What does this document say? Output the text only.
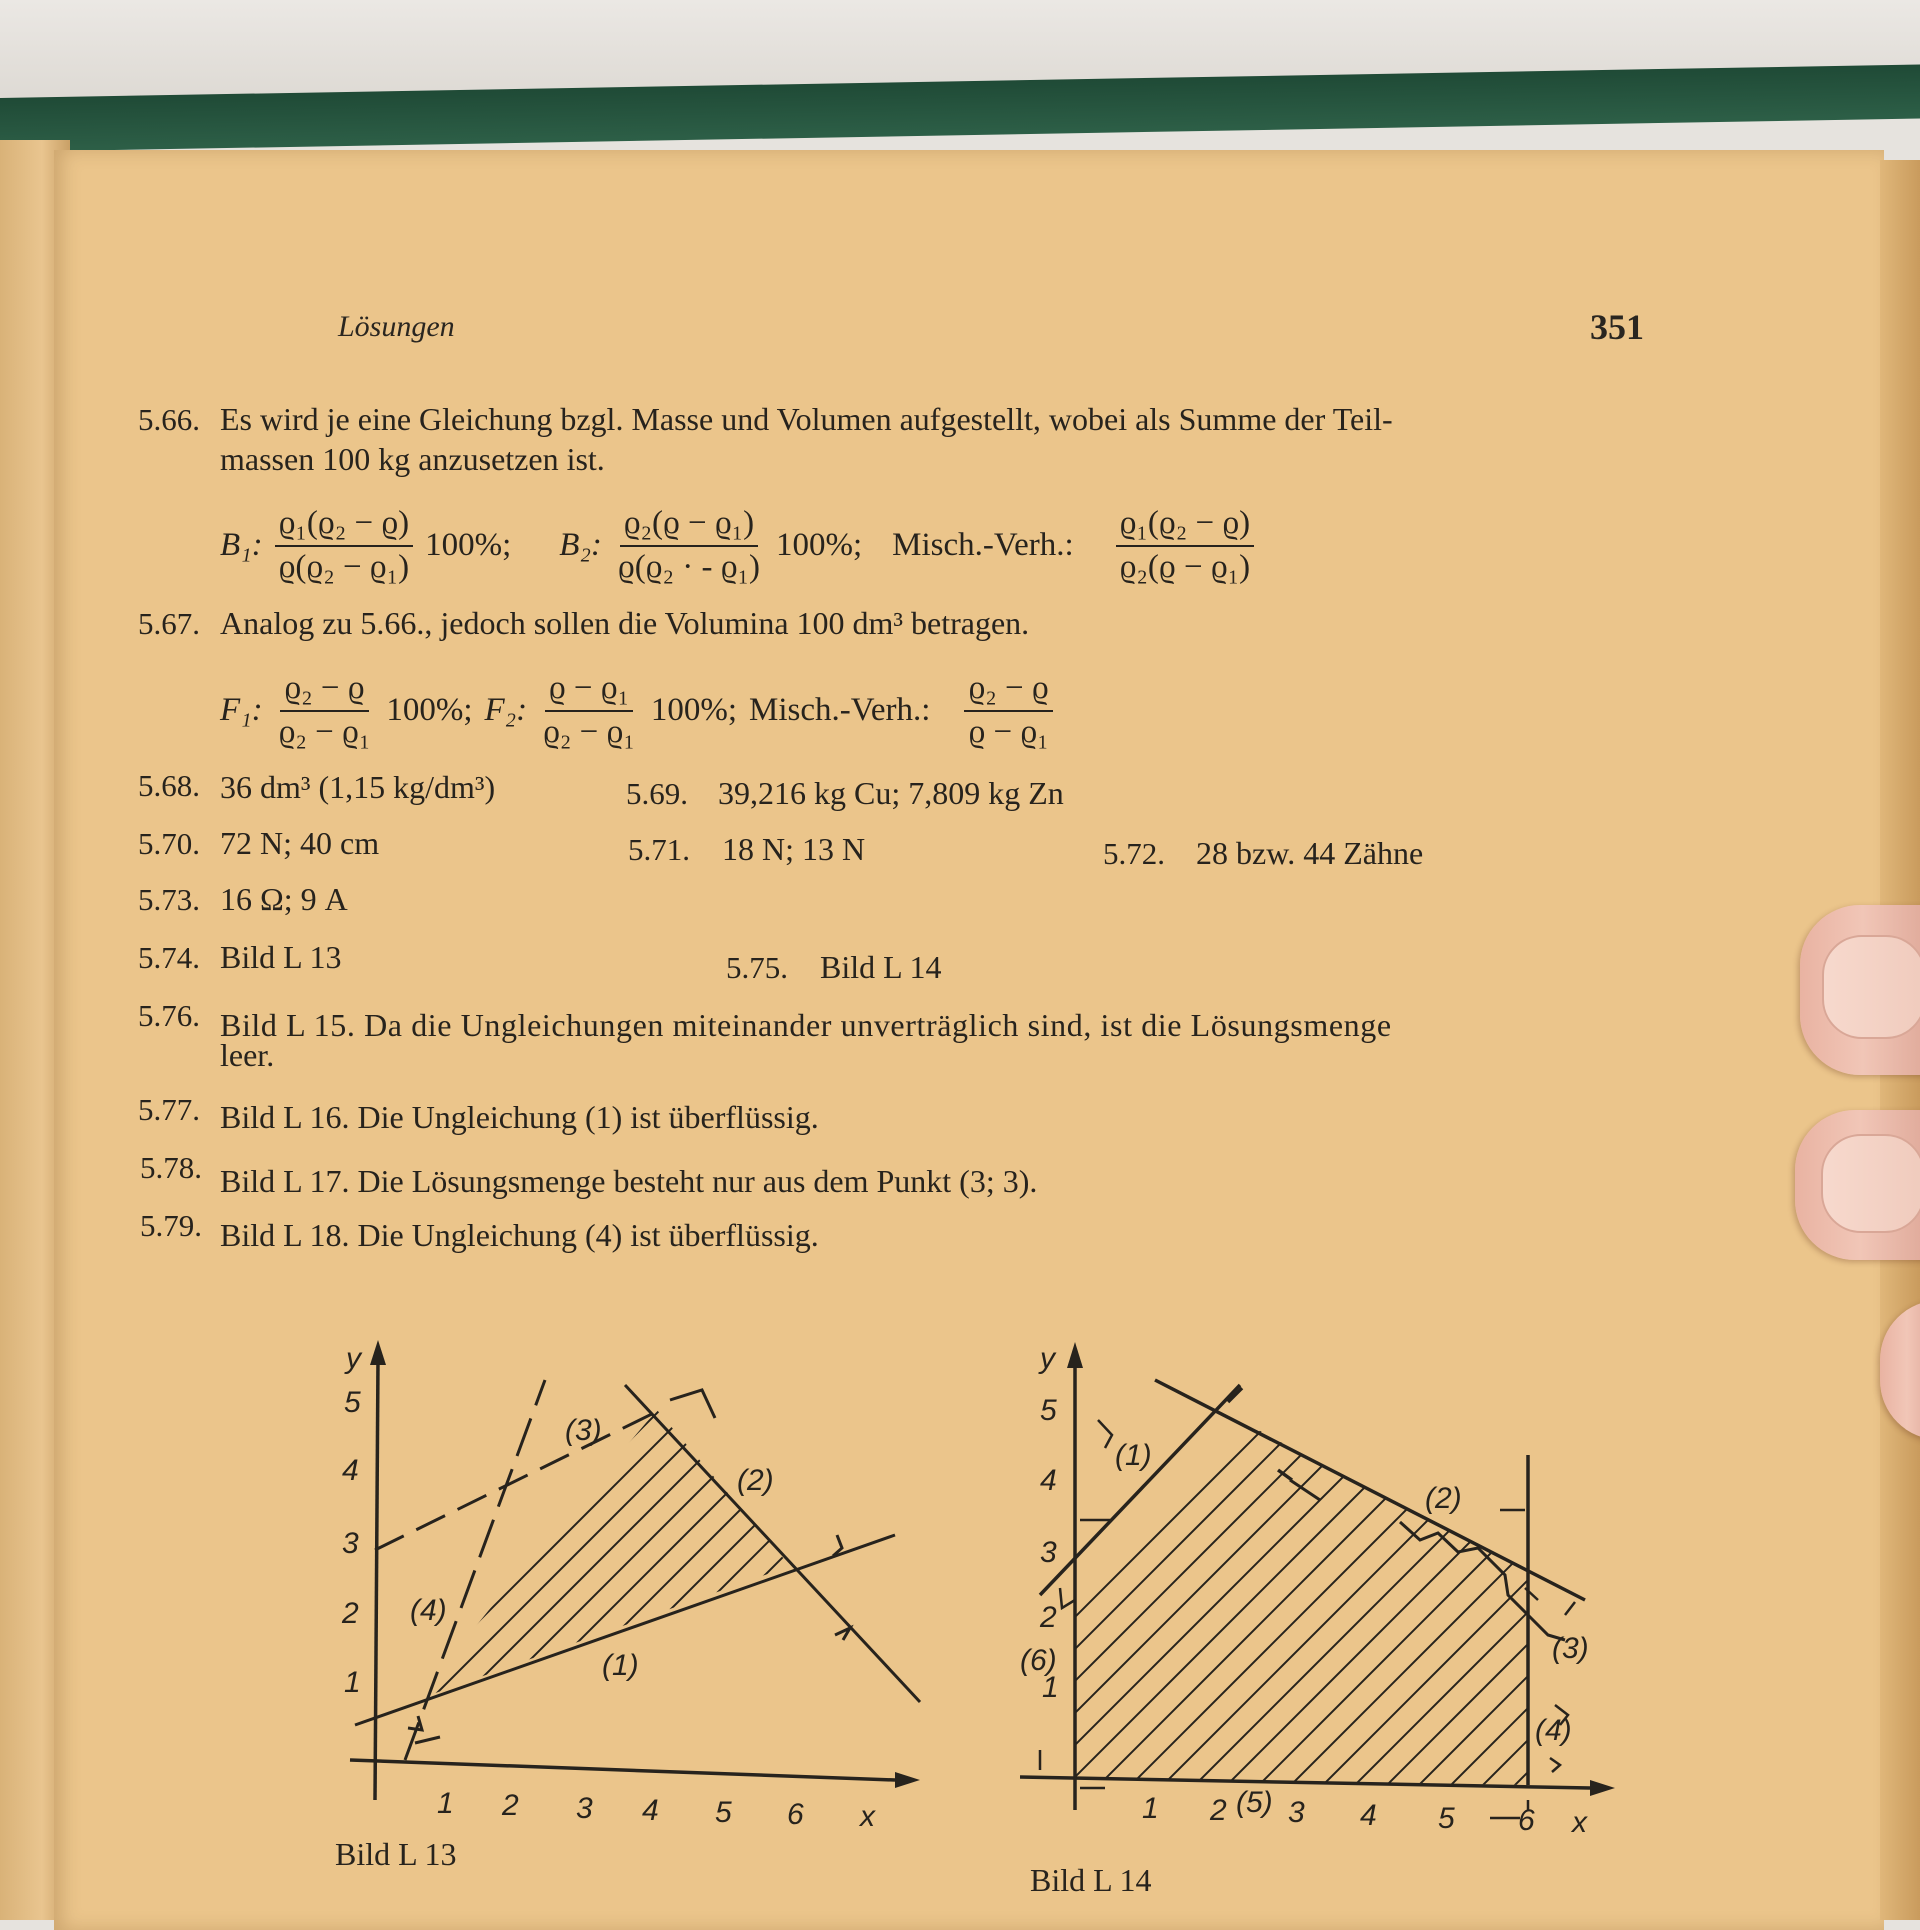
Lösungen	351
5.66. Es wird je eine Gleichung bzgl. Masse und Volumen aufgestellt, wobei als Summe der Teil-
massen 100 kg anzusetzen ist.
B₁: $\frac{\text{ϱ₁(ϱ₂ − ϱ)}}{\text{ϱ(ϱ₂ − ϱ₁)}} 100\%$; B₂: $\frac{\text{ϱ₂(ϱ − ϱ₁)}}{\text{ϱ(ϱ₂ · - ϱ₁)}} 100\%$; Misch.-Verh.: $\frac{\text{ϱ₁(ϱ₂ − ϱ)}}{\text{ϱ₂(ϱ − ϱ₁)}}$
5.67. Analog zu 5.66., jedoch sollen die Volumina 100 dm³ betragen.
F₁: $\frac{\text{ϱ₂ − ϱ}}{\text{ϱ₂ − ϱ₁}} 100\%$; F₂: $\frac{\text{ϱ − ϱ₁}}{\text{ϱ₂ − ϱ₁}} 100\%$; Misch.-Verh.: $\frac{\text{ϱ₂ − ϱ}}{\text{ϱ − ϱ₁}}$
5.68. 36 dm³ (1,15 kg/dm³)	5.69. 39,216 kg Cu; 7,809 kg Zn
5.70. 72 N; 40 cm	5.71. 18 N; 13 N	5.72. 28 bzw. 44 Zähne
5.73. 16 Ω; 9 A
5.74. Bild L 13	5.75. Bild L 14
5.76. Bild L 15. Da die Ungleichungen miteinander unverträglich sind, ist die Lösungsmenge
leer.
5.77. Bild L 16. Die Ungleichung (1) ist überflüssig.
5.78. Bild L 17. Die Lösungsmenge besteht nur aus dem Punkt (3; 3).
5.79. Bild L 18. Die Ungleichung (4) ist überflüssig.
1 2 3 4 5 6 x
1
2
3
4
5
y
(1)
(2)
(3)
(4)
Bild L 13
1 2 3 4 5 6 x
1
2
3
4
5
y
(1)
(2)
(3)
(4)
(5)
(6)
Bild L 14
